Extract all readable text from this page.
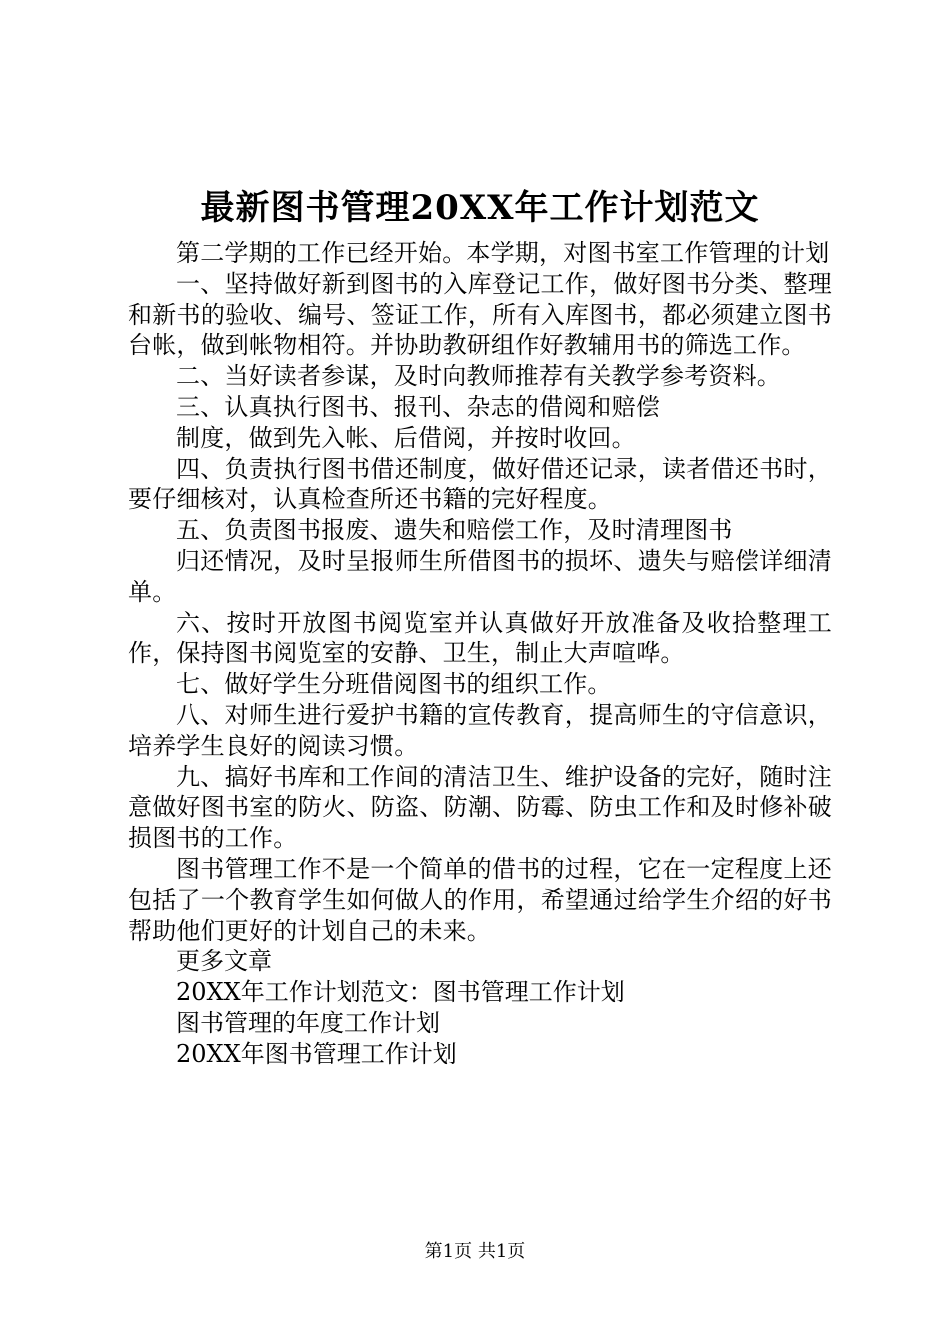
最新图书管理20XX年工作计划范文

第二学期的工作已经开始。本学期，对图书室工作管理的计划

一、坚持做好新到图书的入库登记工作，做好图书分类、整理和新书的验收、编号、签证工作，所有入库图书，都必须建立图书台帐，做到帐物相符。并协助教研组作好教辅用书的筛选工作。

二、当好读者参谋，及时向教师推荐有关教学参考资料。

三、认真执行图书、报刊、杂志的借阅和赔偿

制度，做到先入帐、后借阅，并按时收回。

四、负责执行图书借还制度，做好借还记录，读者借还书时，要仔细核对，认真检查所还书籍的完好程度。

五、负责图书报废、遗失和赔偿工作，及时清理图书

归还情况，及时呈报师生所借图书的损坏、遗失与赔偿详细清单。

六、按时开放图书阅览室并认真做好开放准备及收拾整理工作，保持图书阅览室的安静、卫生，制止大声喧哗。

七、做好学生分班借阅图书的组织工作。

八、对师生进行爱护书籍的宣传教育，提高师生的守信意识，培养学生良好的阅读习惯。

九、搞好书库和工作间的清洁卫生、维护设备的完好，随时注意做好图书室的防火、防盗、防潮、防霉、防虫工作和及时修补破损图书的工作。

图书管理工作不是一个简单的借书的过程，它在一定程度上还包括了一个教育学生如何做人的作用，希望通过给学生介绍的好书帮助他们更好的计划自己的未来。

更多文章

20XX年工作计划范文：图书管理工作计划

图书管理的年度工作计划

20XX年图书管理工作计划

第1页 共1页
